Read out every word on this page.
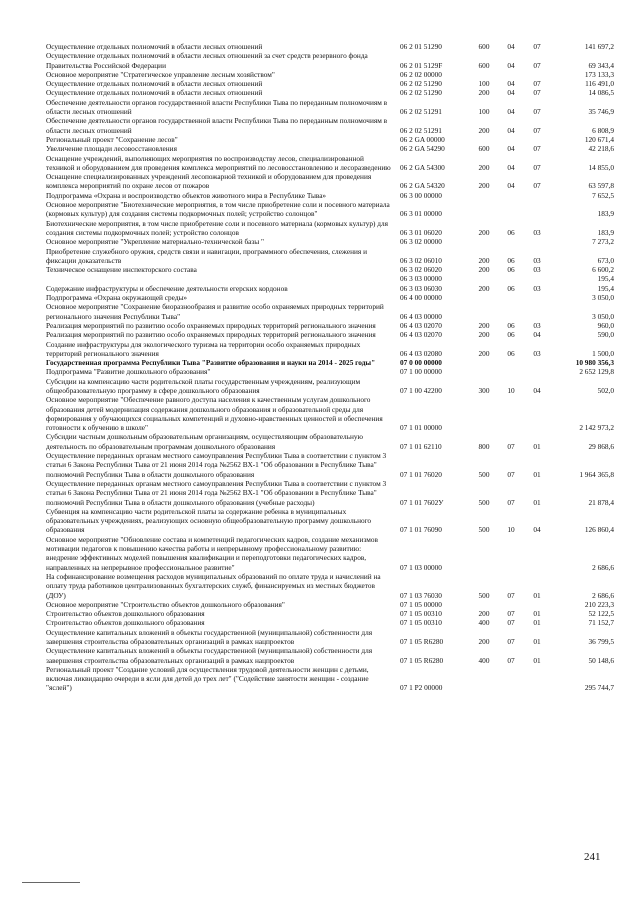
Осуществление отдельных полномочий в области лесных отношений	06 2 01 51290	600	04	07	141 697,2
Осуществление отдельных полномочий в области лесных отношений за счет средств резервного фонда Правительства Российской Федерации	06 2 01 5129F	600	04	07	69 343,4
Основное мероприятие "Стратегическое управление лесным хозяйством"	06 2 02 00000				173 133,3
Осуществление отдельных полномочий в области лесных отношений	06 2 02 51290	100	04	07	116 491,0
Осуществление отдельных полномочий в области лесных отношений	06 2 02 51290	200	04	07	14 086,5
Обеспечение деятельности органов государственной власти Республики Тыва по переданным полномочиям в области лесных отношений	06 2 02 51291	100	04	07	35 746,9
Обеспечение деятельности органов государственной власти Республики Тыва по переданным полномочиям в области лесных отношений	06 2 02 51291	200	04	07	6 808,9
Региональный проект "Сохранение лесов"	06 2 GA 00000				120 671,4
Увеличение площади лесовосстановления	06 2 GA 54290	600	04	07	42 218,6
Оснащение учреждений, выполняющих мероприятия по воспроизводству лесов, специализированной техникой и оборудованием для проведения комплекса мероприятий по лесовосстановлению и лесоразведению	06 2 GA 54300	200	04	07	14 855,0
Оснащение специализированных учреждений лесопожарной техникой и оборудованием для проведения комплекса мероприятий по охране лесов от пожаров	06 2 GA 54320	200	04	07	63 597,8
Подпрограмма «Охрана и воспроизводство объектов животного мира в Республике Тыва»	06 3 00 00000				7 652,5
Основное мероприятие "Биотехнические мероприятия, в том числе приобретение соли и посевного материала (кормовых культур) для создания системы подкормочных полей; устройство солонцов"	06 3 01 00000				183,9
Биотехнические мероприятия, в том числе приобретение соли и посевного материала (кормовых культур) для создания системы подкормочных полей; устройство солонцов	06 3 01 06020	200	06	03	183,9
Основное мероприятие "Укрепление материально-технической базы "	06 3 02 00000				7 273,2
Приобретение служебного оружия, средств связи и навигации, программного обеспечения, слежения и фиксации доказательств	06 3 02 06010	200	06	03	673,0
Техническое оснащение инспекторского состава	06 3 02 06020	200	06	03	6 600,2
	06 3 03 00000				195,4
Содержание инфраструктуры и обеспечение деятельности егерских кордонов	06 3 03 06030	200	06	03	195,4
Подпрограмма «Охрана окружающей среды»	06 4 00 00000				3 050,0
Основное мероприятие "Сохранение биоразнообразия и развитие особо охраняемых природных территорий регионального значения Республики Тыва"	06 4 03 00000				3 050,0
Реализация мероприятий по развитию особо охраняемых природных территорий регионального значения	06 4 03 02070	200	06	03	960,0
Реализация мероприятий по развитию особо охраняемых природных территорий регионального значения	06 4 03 02070	200	06	04	590,0
Создание инфраструктуры для экологического туризма на территории особо охраняемых природных территорий регионального значения	06 4 03 02080	200	06	03	1 500,0
Государственная программа Республики Тыва "Развитие образования и науки на 2014 - 2025 годы"	07 0 00 00000				10 980 356,3
Подпрограмма "Развитие дошкольного образования"	07 1 00 00000				2 652 129,8
Субсидии на компенсацию части родительской платы государственным учреждениям, реализующим общеобразовательную программу в сфере дошкольного образования	07 1 00 42200	300	10	04	502,0
Основное мероприятие "Обеспечение равного доступа населения к качественным услугам дошкольного образования детей модернизация содержания дошкольного образования и образовательной среды для формирования у обучающихся социальных компетенций и духовно-нравственных ценностей и обеспечения готовности к обучению в школе"	07 1 01 00000				2 142 973,2
Субсидии частным дошкольным образовательным организациям, осуществляющим образовательную деятельность по образовательным программам дошкольного образования	07 1 01 62110	800	07	01	29 868,6
Осуществление переданных органам местного самоуправления Республики Тыва в соответствии с пунктом 3 статьи 6 Закона Республики Тыва от 21 июня 2014 года №2562 ВХ-1 "Об образовании в Республике Тыва" полномочий Республики Тыва в области дошкольного образования	07 1 01 76020	500	07	01	1 964 365,8
Осуществление переданных органам местного самоуправления Республики Тыва в соответствии с пунктом 3 статьи 6 Закона Республики Тыва от 21 июня 2014 года №2562 ВХ-1 "Об образовании в Республике Тыва" полномочий Республики Тыва в области дошкольного образования (учебные расходы)	07 1 01 7602У	500	07	01	21 878,4
Субвенция на компенсацию части родительской платы за содержание ребенка в муниципальных образовательных учреждениях, реализующих основную общеобразовательную программу дошкольного образования	07 1 01 76090	500	10	04	126 860,4
Основное мероприятие "Обновление состава и компетенций педагогических кадров, создание механизмов мотивации педагогов к повышению качества работы и непрерывному профессиональному развитию: внедрение эффективных моделей повышения квалификации и переподготовки педагогических кадров, направленных на непрерывное профессиональное развитие"	07 1 03 00000				2 686,6
На софинансирование возмещения расходов муниципальных образований по оплате труда и начислений на оплату труда работников централизованных бухгалтерских служб, финансируемых из местных бюджетов (ДОУ)	07 1 03 76030	500	07	01	2 686,6
Основное мероприятие "Строительство объектов дошкольного образования"	07 1 05 00000				210 223,3
Строительство объектов дошкольного образования	07 1 05 00310	200	07	01	52 122,5
Строительство объектов дошкольного образования	07 1 05 00310	400	07	01	71 152,7
Осуществление капитальных вложений в объекты государственной (муниципальной) собственности для завершения строительства образовательных организаций в рамках нацпроектов	07 1 05 R6280	200	07	01	36 799,5
Осуществление капитальных вложений в объекты государственной (муниципальной) собственности для завершения строительства образовательных организаций в рамках нацпроектов	07 1 05 R6280	400	07	01	50 148,6
Региональный проект "Создание условий для осуществления трудовой деятельности женщин с детьми, включая ликвидацию очереди в ясли для детей до трех лет" ("Содействие занятости женщин - создание "яслей")	07 1 P2 00000				295 744,7
241
